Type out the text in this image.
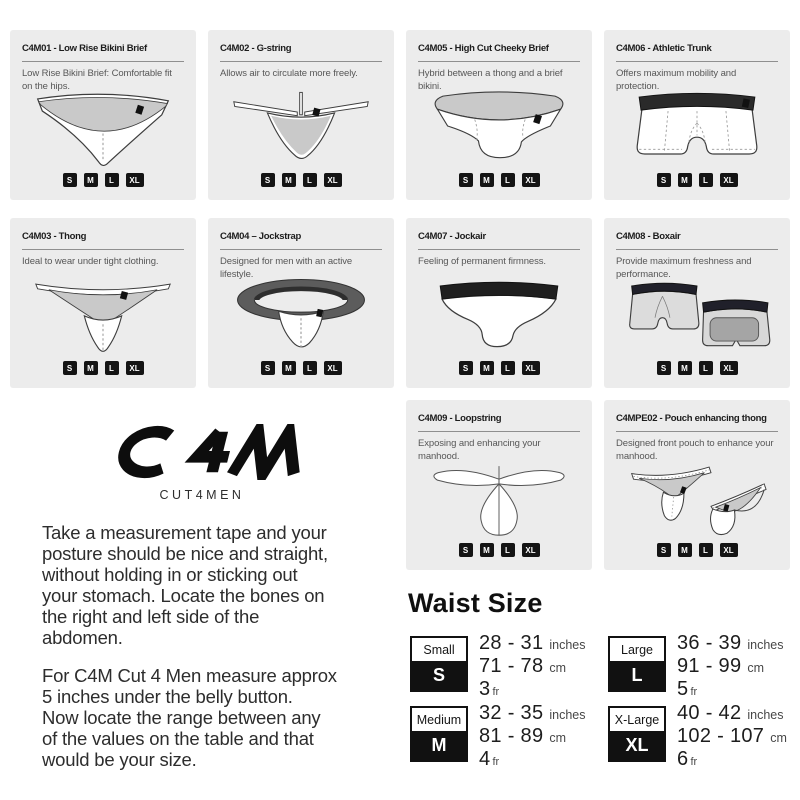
C4M01 - Low Rise Bikini Brief

Low Rise Bikini Brief: Comfortable fit on the hips.

S	M	L	XL
C4M02 - G-string

Allows air to circulate more freely.

S	M	L	XL
C4M05 - High Cut Cheeky Brief

Hybrid between a thong and a brief bikini.

S	M	L	XL
C4M06 - Athletic Trunk

Offers maximum mobility and protection.

S	M	L	XL
C4M03 - Thong

Ideal to wear under tight clothing.

S	M	L	XL
C4M04 – Jockstrap

Designed for men with an active lifestyle.

S	M	L	XL
C4M07 - Jockair

Feeling of permanent firmness.

S	M	L	XL
C4M08 - Boxair

Provide maximum freshness and performance.

S	M	L	XL
C4M09 - Loopstring

Exposing and enhancing your manhood.

S	M	L	XL
C4MPE02 - Pouch enhancing thong

Designed front pouch to enhance your manhood.

S	M	L	XL
CUT4MEN
Take a measurement tape and your
posture should be nice and straight,
without holding in or sticking out
your stomach. Locate the bones on
the right and left side of the
abdomen.
For C4M Cut 4 Men measure approx
5 inches under the belly button.
Now locate the range between any
of the values on the table and that
would be your size.
Waist Size
Small
S
28 - 31 inches
71 - 78 cm
3 fr
Large
L
36 - 39 inches
91 - 99 cm
5 fr
Medium
M
32 - 35 inches
81 - 89 cm
4 fr
X-Large
XL
40 - 42 inches
102 - 107 cm
6 fr
